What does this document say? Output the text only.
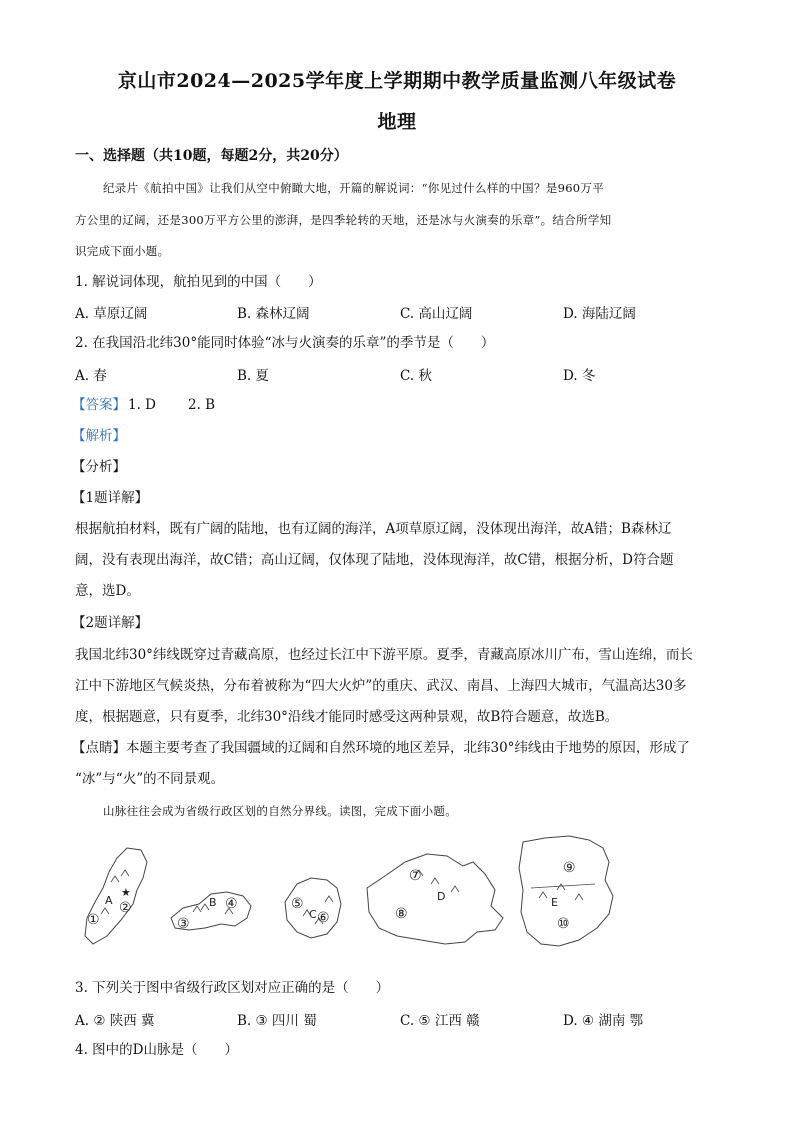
京山市2024—2025学年度上学期期中教学质量监测八年级试卷
地理
一、选择题（共10题，每题2分，共20分）
纪录片《航拍中国》让我们从空中俯瞰大地，开篇的解说词：“你见过什么样的中国？是960万平
方公里的辽阔，还是300万平方公里的澎湃，是四季轮转的天地，还是冰与火演奏的乐章”。结合所学知
识完成下面小题。
1. 解说词体现，航拍见到的中国（　　）
A. 草原辽阔	B. 森林辽阔	C. 高山辽阔	D. 海陆辽阔
2. 在我国沿北纬30°能同时体验“冰与火演奏的乐章”的季节是（　　）
A. 春	B. 夏	C. 秋	D. 冬
【答案】 1. D 2. B
【解析】
【分析】
【1题详解】
根据航拍材料，既有广阔的陆地，也有辽阔的海洋，A项草原辽阔，没体现出海洋，故A错；B森林辽
阔，没有表现出海洋，故C错；高山辽阔，仅体现了陆地，没体现海洋，故C错，根据分析，D符合题
意，选D。
【2题详解】
我国北纬30°纬线既穿过青藏高原，也经过长江中下游平原。夏季，青藏高原冰川广布，雪山连绵，而长
江中下游地区气候炎热，分布着被称为“四大火炉”的重庆、武汉、南昌、上海四大城市，气温高达30多
度，根据题意，只有夏季，北纬30°沿线才能同时感受这两种景观，故B符合题意，故选B。
【点睛】本题主要考查了我国疆域的辽阔和自然环境的地区差异，北纬30°纬线由于地势的原因，形成了
“冰”与“火”的不同景观。
山脉往往会成为省级行政区划的自然分界线。读图，完成下面小题。
A
★
②
①
B ④
③
⑤
C ⑥
⑦
D
⑧
⑨
E
⑩
3. 下列关于图中省级行政区划对应正确的是（　　）
A. ② 陕西 冀	B. ③ 四川 蜀	C. ⑤ 江西 赣	D. ④ 湖南 鄂
4. 图中的D山脉是（　　）
